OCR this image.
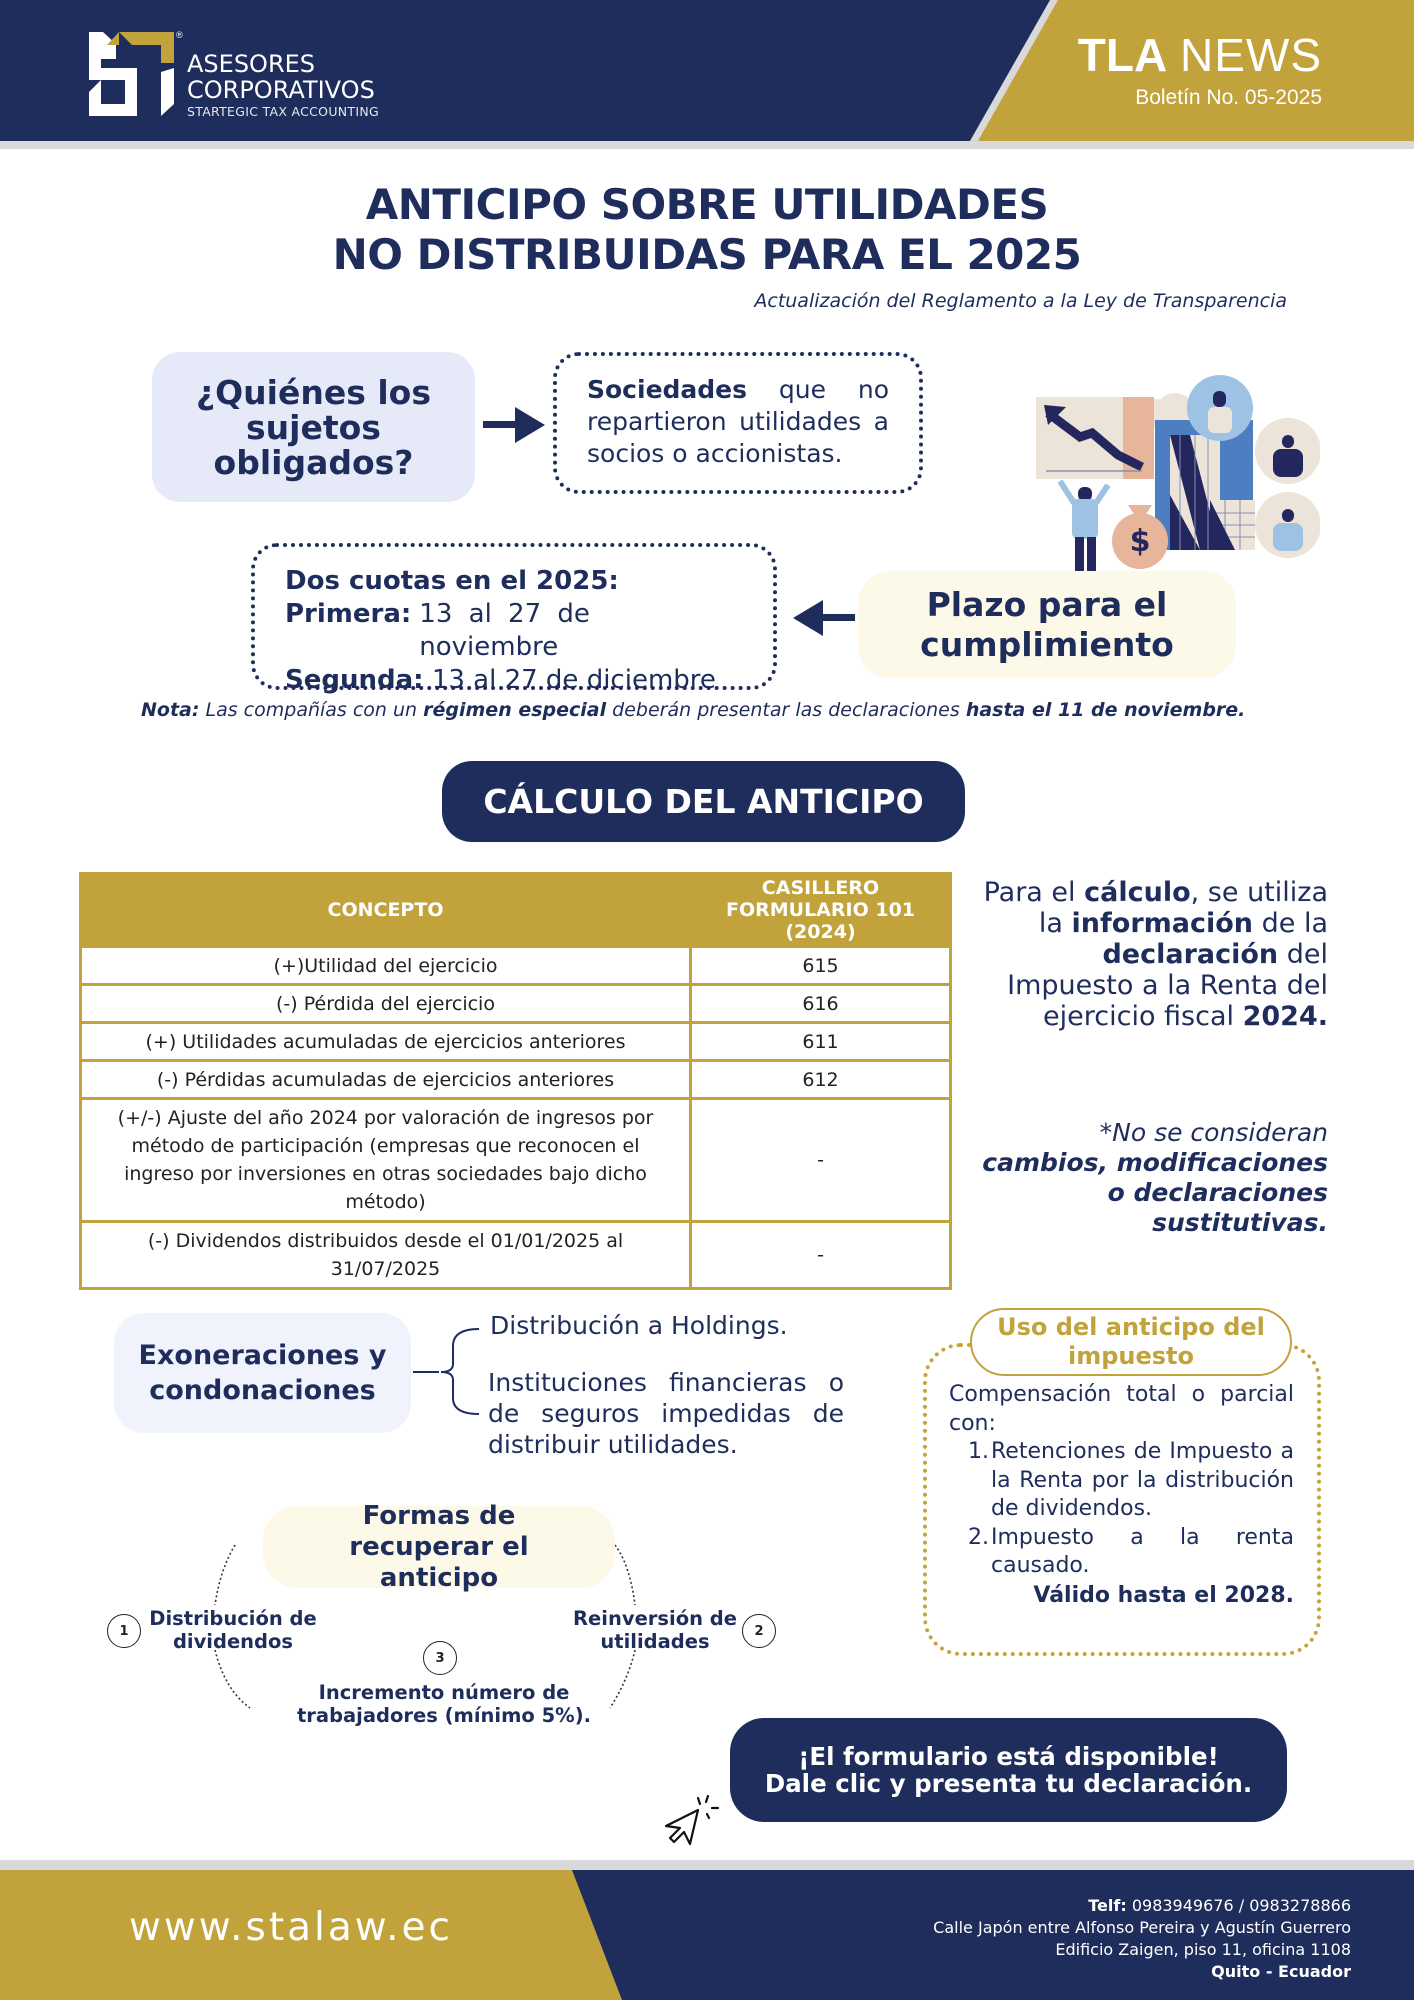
®
ASESORES
CORPORATIVOS
STARTEGIC TAX ACCOUNTING
TLA NEWS
Boletín No. 05-2025
ANTICIPO SOBRE UTILIDADES
NO DISTRIBUIDAS PARA EL 2025
Actualización del Reglamento a la Ley de Transparencia
¿Quiénes los sujetos obligados?
Sociedades que no repartieron utilidades a socios o accionistas.
$
Dos cuotas en el 2025:
Primera: 13 al 27 de noviembre
Segunda: 13 al 27 de diciembre
Plazo para el cumplimiento
Nota: Las compañías con un régimen especial deberán presentar las declaraciones hasta el 11 de noviembre.
CÁLCULO DEL ANTICIPO
CONCEPTO	CASILLERO
FORMULARIO 101 (2024)

(+)Utilidad del ejercicio	615
(-) Pérdida del ejercicio	616
(+) Utilidades acumuladas de ejercicios anteriores	611
(-) Pérdidas acumuladas de ejercicios anteriores	612
(+/-) Ajuste del año 2024 por valoración de ingresos por método de participación (empresas que reconocen el ingreso por inversiones en otras sociedades bajo dicho método)	-
(-) Dividendos distribuidos desde el 01/01/2025 al 31/07/2025	-
Para el cálculo, se utiliza la información de la declaración del Impuesto a la Renta del ejercicio fiscal 2024.
*No se consideran
cambios, modificaciones o declaraciones sustitutivas.
Exoneraciones y condonaciones
Distribución a Holdings.
Instituciones financieras o de seguros impedidas de distribuir utilidades.
Uso del anticipo del impuesto
Compensación total o parcial con:
1. Retenciones de Impuesto a la Renta por la distribución de dividendos.
2. Impuesto a la renta causado.
Válido hasta el 2028.
Formas de recuperar el anticipo
1
Distribución de dividendos	2
Reinversión de utilidades
3
Incremento número de trabajadores (mínimo 5%).
¡El formulario está disponible!
Dale clic y presenta tu declaración.
www.stalaw.ec	Telf: 0983949676 / 0983278866
Calle Japón entre Alfonso Pereira y Agustín Guerrero
Edificio Zaigen, piso 11, oficina 1108
Quito - Ecuador
